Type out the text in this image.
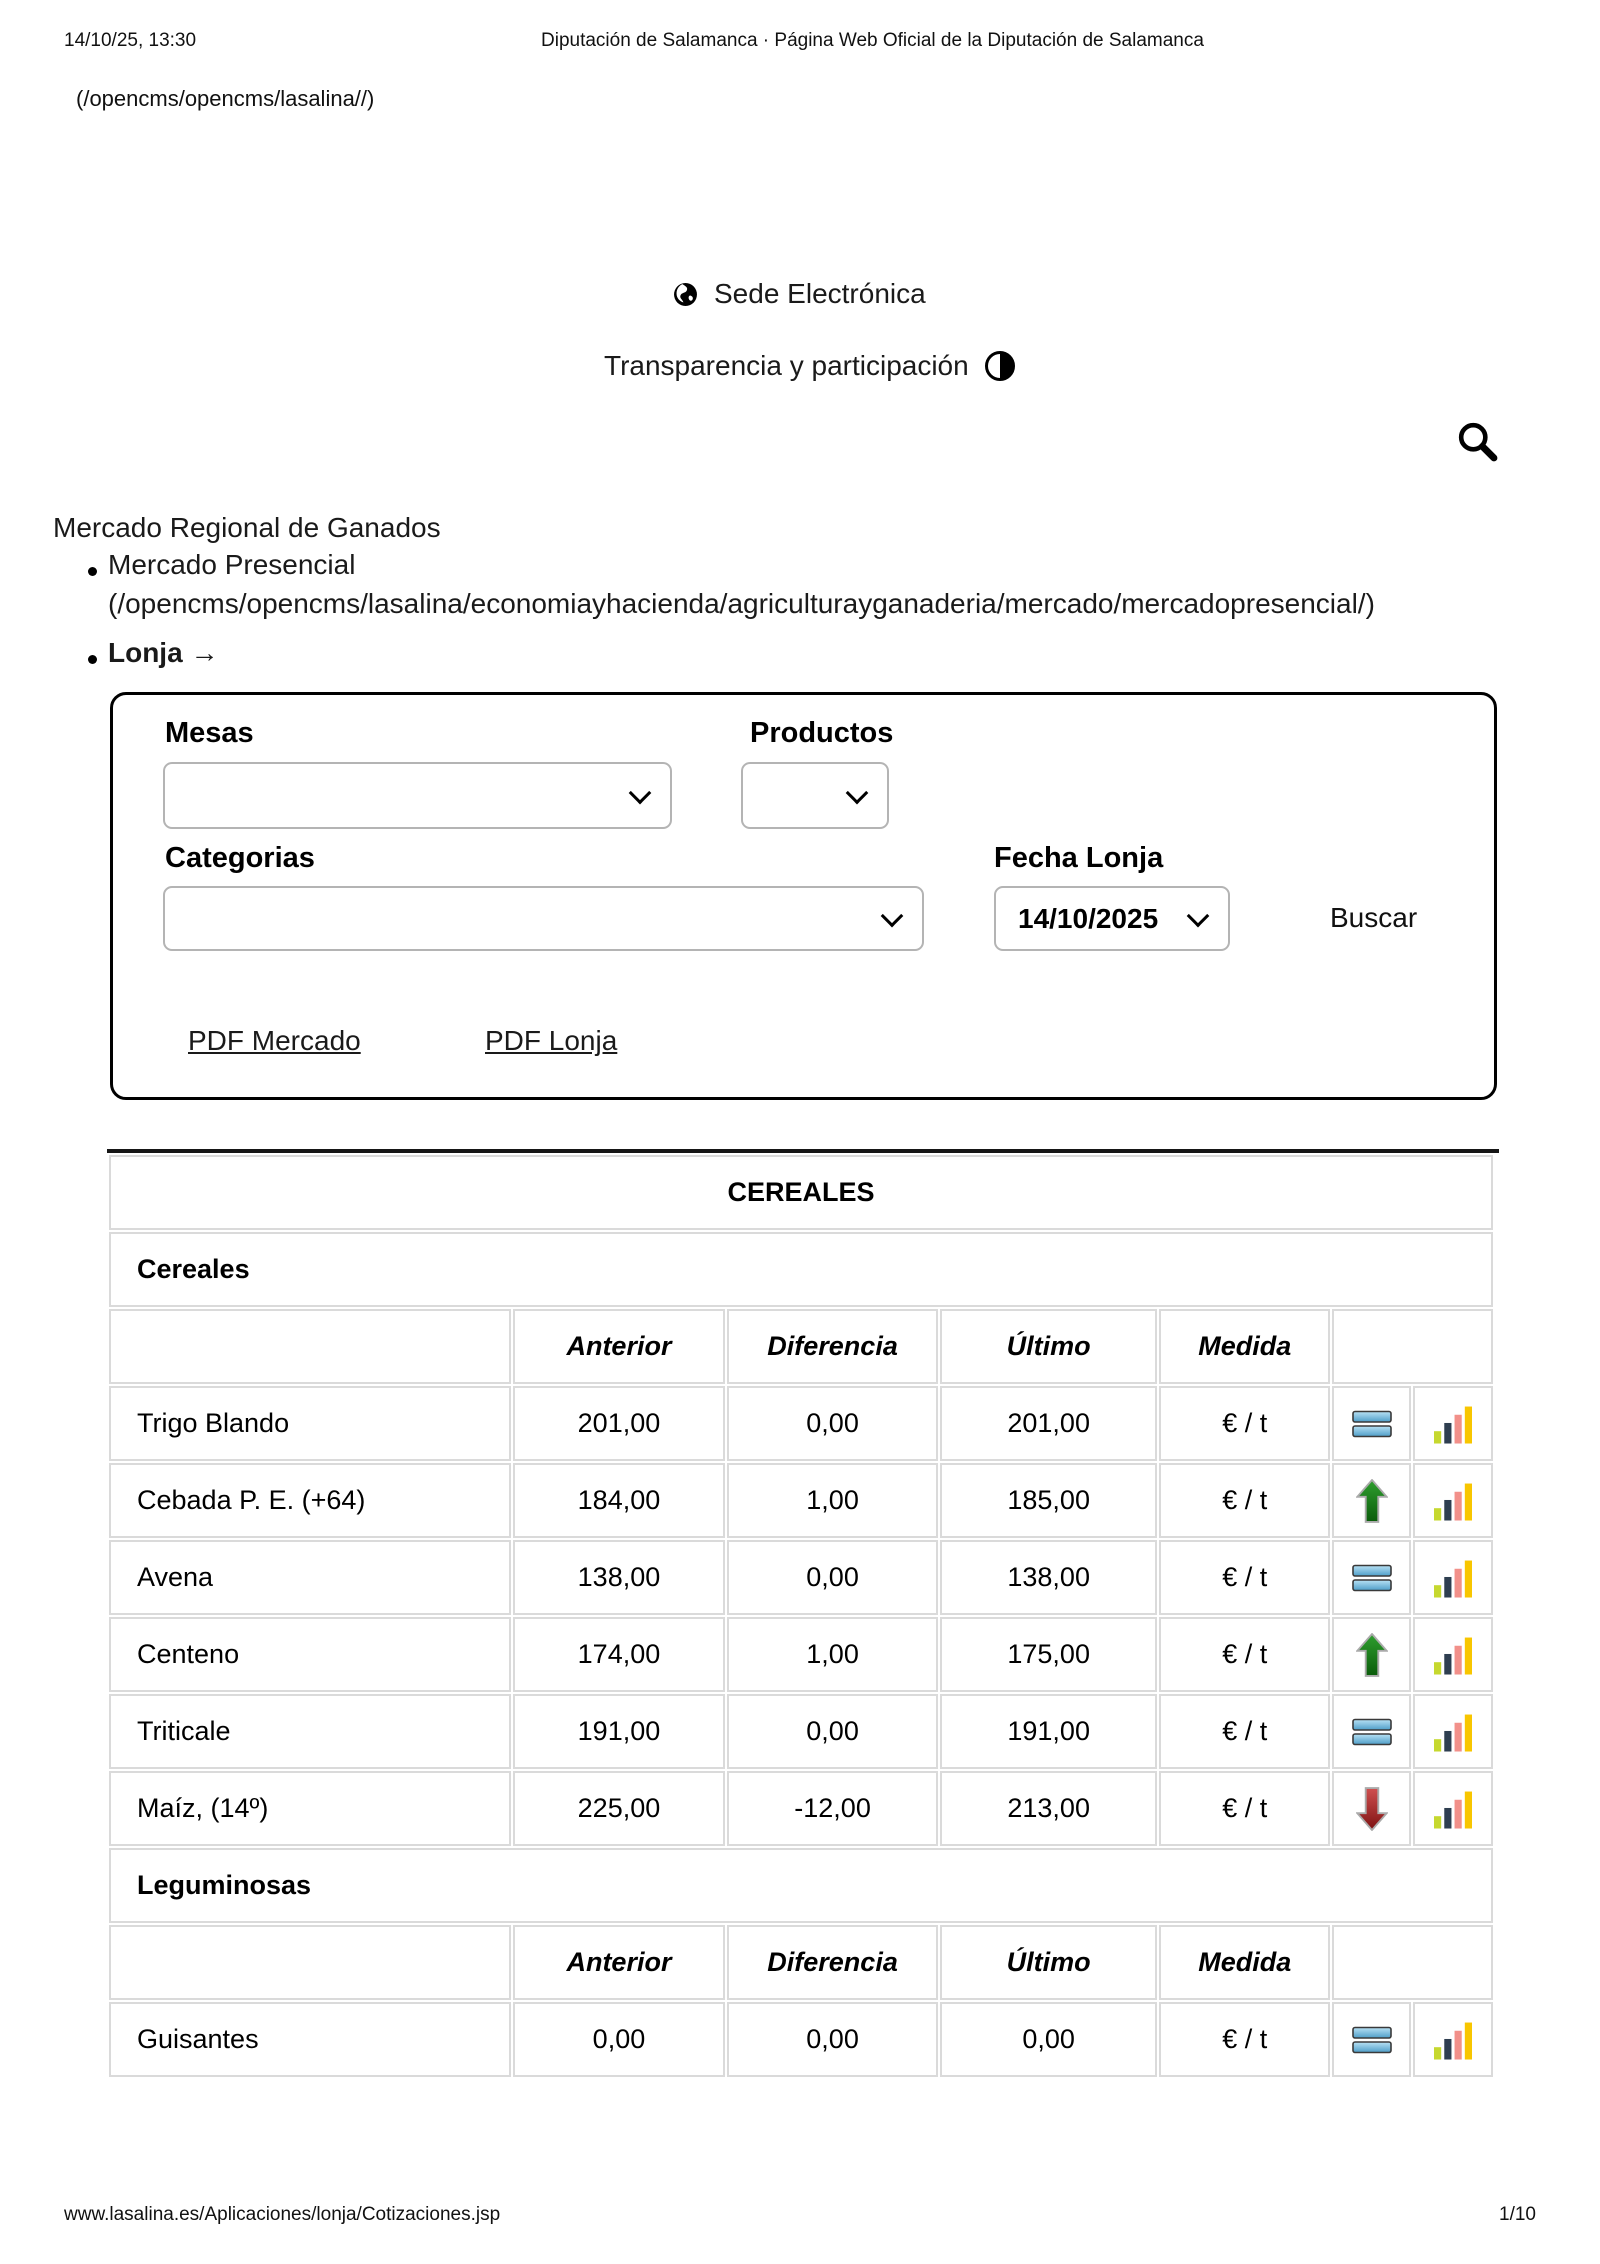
14/10/25, 13:30	Diputación de Salamanca · Página Web Oficial de la Diputación de Salamanca
(/opencms/opencms/lasalina//)
Sede Electrónica
Transparencia y participación
Mercado Regional de Ganados
Mercado Presencial
(/opencms/opencms/lasalina/economiayhacienda/agriculturayganaderia/mercado/mercadopresencial/)
Lonja →
Mesas	Productos
Categorias	Fecha Lonja
14/10/2025	Buscar
PDF Mercado	PDF Lonja
CEREALES						
Cereales						
	Anterior	Diferencia	Último	Medida		
Trigo Blando	201,00	0,00	201,00	€ / t		
Cebada P. E. (+64)	184,00	1,00	185,00	€ / t		
Avena	138,00	0,00	138,00	€ / t		
Centeno	174,00	1,00	175,00	€ / t		
Triticale	191,00	0,00	191,00	€ / t		
Maíz, (14º)	225,00	-12,00	213,00	€ / t		
Leguminosas						
	Anterior	Diferencia	Último	Medida		
Guisantes	0,00	0,00	0,00	€ / t		
www.lasalina.es/Aplicaciones/lonja/Cotizaciones.jsp	1/10
